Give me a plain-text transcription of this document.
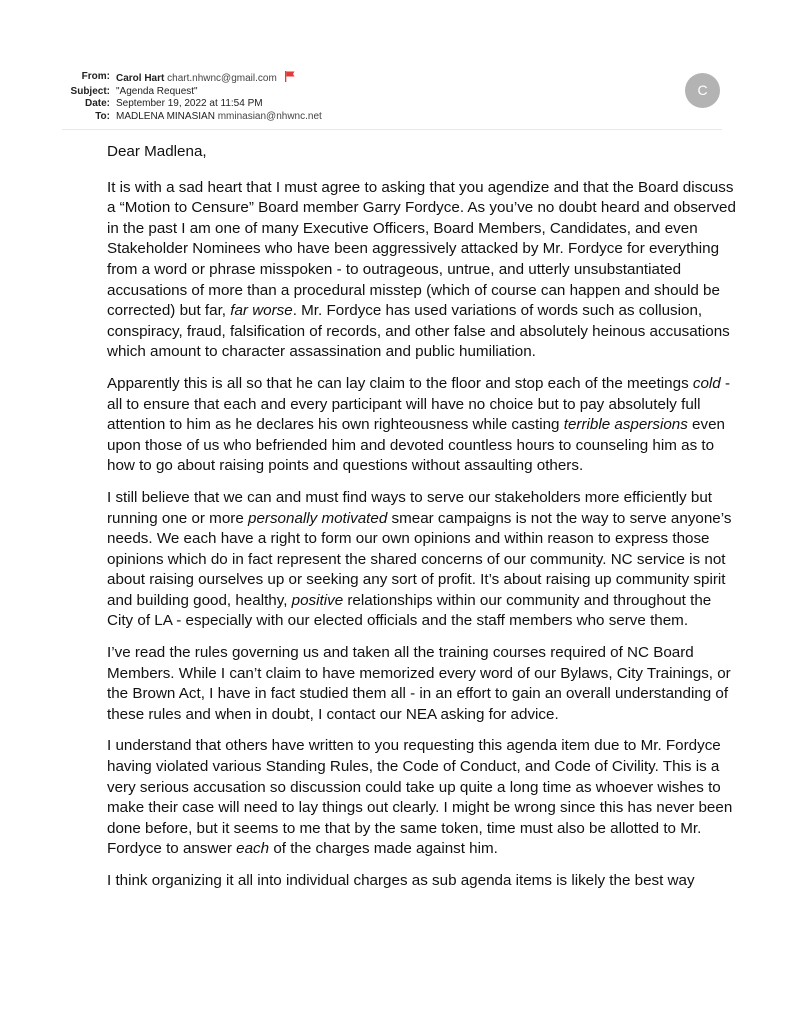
From: Carol Hart chart.nhwnc@gmail.com
Subject: "Agenda Request"
Date: September 19, 2022 at 11:54 PM
To: MADLENA MINASIAN mminasian@nhwnc.net
C

Dear Madlena,

It is with a sad heart that I must agree to asking that you agendize and that the Board discuss a “Motion to Censure” Board member Garry Fordyce. As you’ve no doubt heard and observed in the past I am one of many Executive Officers, Board Members, Candidates, and even Stakeholder Nominees who have been aggressively attacked by Mr. Fordyce for everything from a word or phrase misspoken - to outrageous, untrue, and utterly unsubstantiated accusations of more than a procedural misstep (which of course can happen and should be corrected) but far, far worse. Mr. Fordyce has used variations of words such as collusion, conspiracy, fraud, falsification of records, and other false and absolutely heinous accusations which amount to character assassination and public humiliation.

Apparently this is all so that he can lay claim to the floor and stop each of the meetings cold - all to ensure that each and every participant will have no choice but to pay absolutely full attention to him as he declares his own righteousness while casting terrible aspersions even upon those of us who befriended him and devoted countless hours to counseling him as to how to go about raising points and questions without assaulting others.

I still believe that we can and must find ways to serve our stakeholders more efficiently but running one or more personally motivated smear campaigns is not the way to serve anyone’s needs. We each have a right to form our own opinions and within reason to express those opinions which do in fact represent the shared concerns of our community. NC service is not about raising ourselves up or seeking any sort of profit. It’s about raising up community spirit and building good, healthy, positive relationships within our community and throughout the City of LA - especially with our elected officials and the staff members who serve them.

I’ve read the rules governing us and taken all the training courses required of NC Board Members. While I can’t claim to have memorized every word of our Bylaws, City Trainings, or the Brown Act, I have in fact studied them all - in an effort to gain an overall understanding of these rules and when in doubt, I contact our NEA asking for advice.

I understand that others have written to you requesting this agenda item due to Mr. Fordyce having violated various Standing Rules, the Code of Conduct, and Code of Civility. This is a very serious accusation so discussion could take up quite a long time as whoever wishes to make their case will need to lay things out clearly. I might be wrong since this has never been done before, but it seems to me that by the same token, time must also be allotted to Mr. Fordyce to answer each of the charges made against him.

I think organizing it all into individual charges as sub agenda items is likely the best way
